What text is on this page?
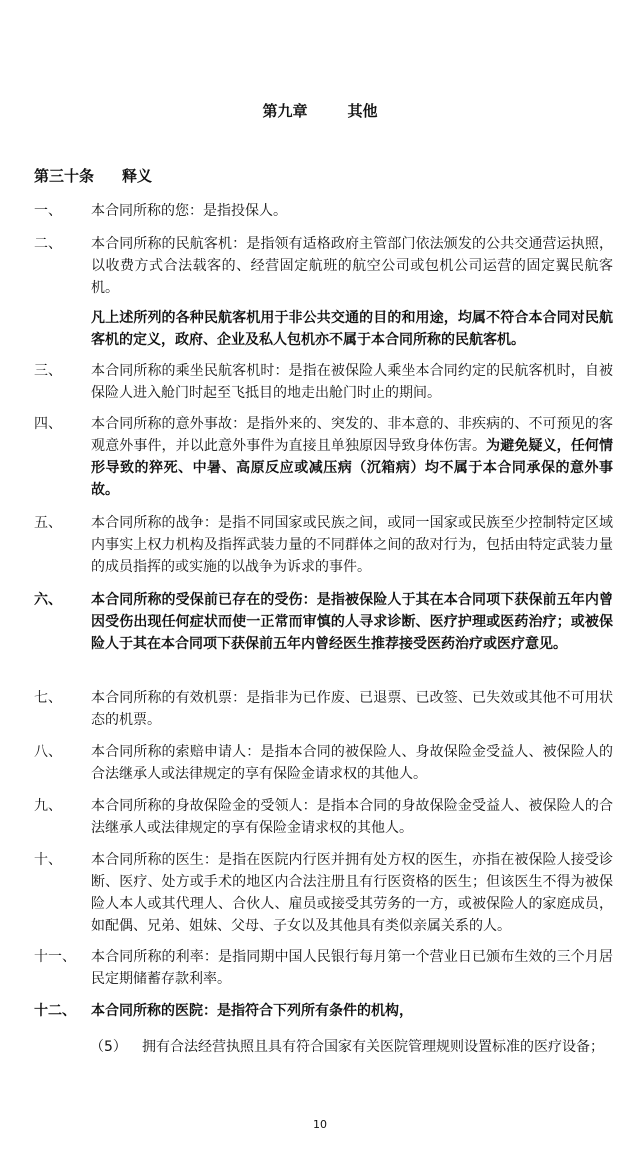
第九章	其他
第三十条 释义
一、 本合同所称的您：是指投保人。
二、 本合同所称的民航客机：是指领有适格政府主管部门依法颁发的公共交通营运执照，以收费方式合法载客的、经营固定航班的航空公司或包机公司运营的固定翼民航客机。
凡上述所列的各种民航客机用于非公共交通的目的和用途，均属不符合本合同对民航客机的定义，政府、企业及私人包机亦不属于本合同所称的民航客机。
三、 本合同所称的乘坐民航客机时：是指在被保险人乘坐本合同约定的民航客机时，自被保险人进入舱门时起至飞抵目的地走出舱门时止的期间。
四、 本合同所称的意外事故：是指外来的、突发的、非本意的、非疾病的、不可预见的客观意外事件，并以此意外事件为直接且单独原因导致身体伤害。为避免疑义，任何情形导致的猝死、中暑、高原反应或减压病（沉箱病）均不属于本合同承保的意外事故。
五、 本合同所称的战争：是指不同国家或民族之间，或同一国家或民族至少控制特定区域内事实上权力机构及指挥武装力量的不同群体之间的敌对行为，包括由特定武装力量的成员指挥的或实施的以战争为诉求的事件。
六、 本合同所称的受保前已存在的受伤：是指被保险人于其在本合同项下获保前五年内曾因受伤出现任何症状而使一正常而审慎的人寻求诊断、医疗护理或医药治疗；或被保险人于其在本合同项下获保前五年内曾经医生推荐接受医药治疗或医疗意见。
七、 本合同所称的有效机票：是指非为已作废、已退票、已改签、已失效或其他不可用状态的机票。
八、 本合同所称的索赔申请人：是指本合同的被保险人、身故保险金受益人、被保险人的合法继承人或法律规定的享有保险金请求权的其他人。
九、 本合同所称的身故保险金的受领人：是指本合同的身故保险金受益人、被保险人的合法继承人或法律规定的享有保险金请求权的其他人。
十、 本合同所称的医生：是指在医院内行医并拥有处方权的医生，亦指在被保险人接受诊断、医疗、处方或手术的地区内合法注册且有行医资格的医生；但该医生不得为被保险人本人或其代理人、合伙人、雇员或接受其劳务的一方，或被保险人的家庭成员，如配偶、兄弟、姐妹、父母、子女以及其他具有类似亲属关系的人。
十一、 本合同所称的利率：是指同期中国人民银行每月第一个营业日已颁布生效的三个月居民定期储蓄存款利率。
十二、 本合同所称的医院：是指符合下列所有条件的机构，
（5） 拥有合法经营执照且具有符合国家有关医院管理规则设置标准的医疗设备；
10
